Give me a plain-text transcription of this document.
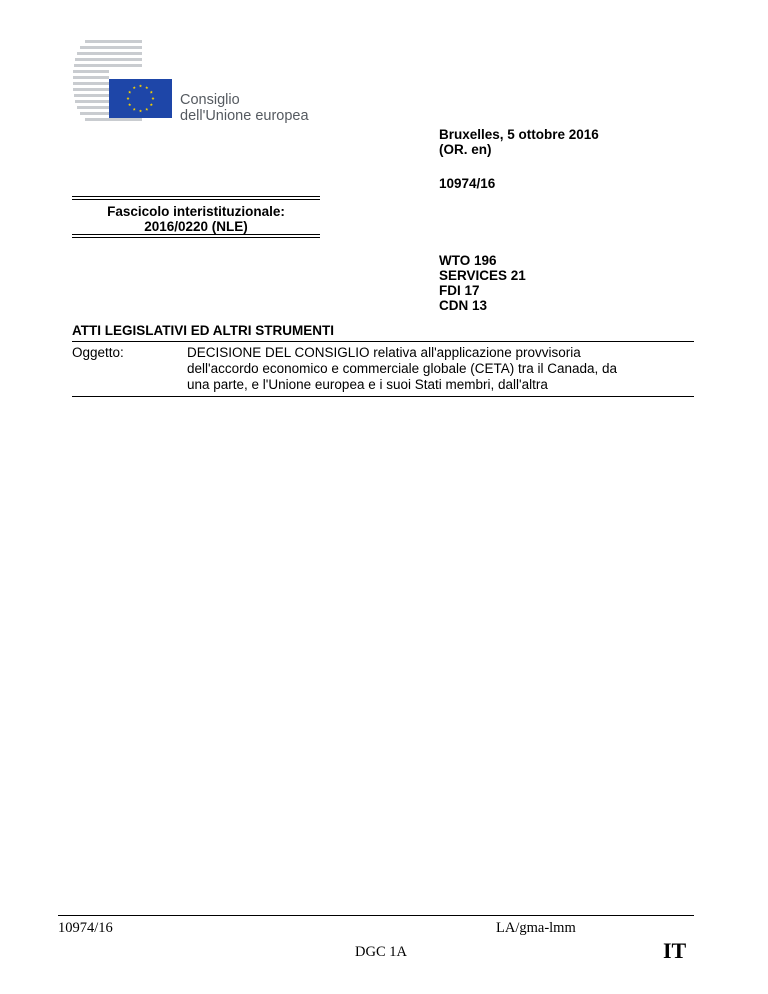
Consiglio
dell'Unione europea
Bruxelles, 5 ottobre 2016
(OR. en)
10974/16
Fascicolo interistituzionale:
2016/0220 (NLE)
WTO 196
SERVICES 21
FDI 17
CDN 13
ATTI LEGISLATIVI ED ALTRI STRUMENTI
Oggetto:	DECISIONE DEL CONSIGLIO relativa all'applicazione provvisoria
dell'accordo economico e commerciale globale (CETA) tra il Canada, da
una parte, e l'Unione europea e i suoi Stati membri, dall'altra
10974/16	LA/gma-lmm
DGC 1A	IT
